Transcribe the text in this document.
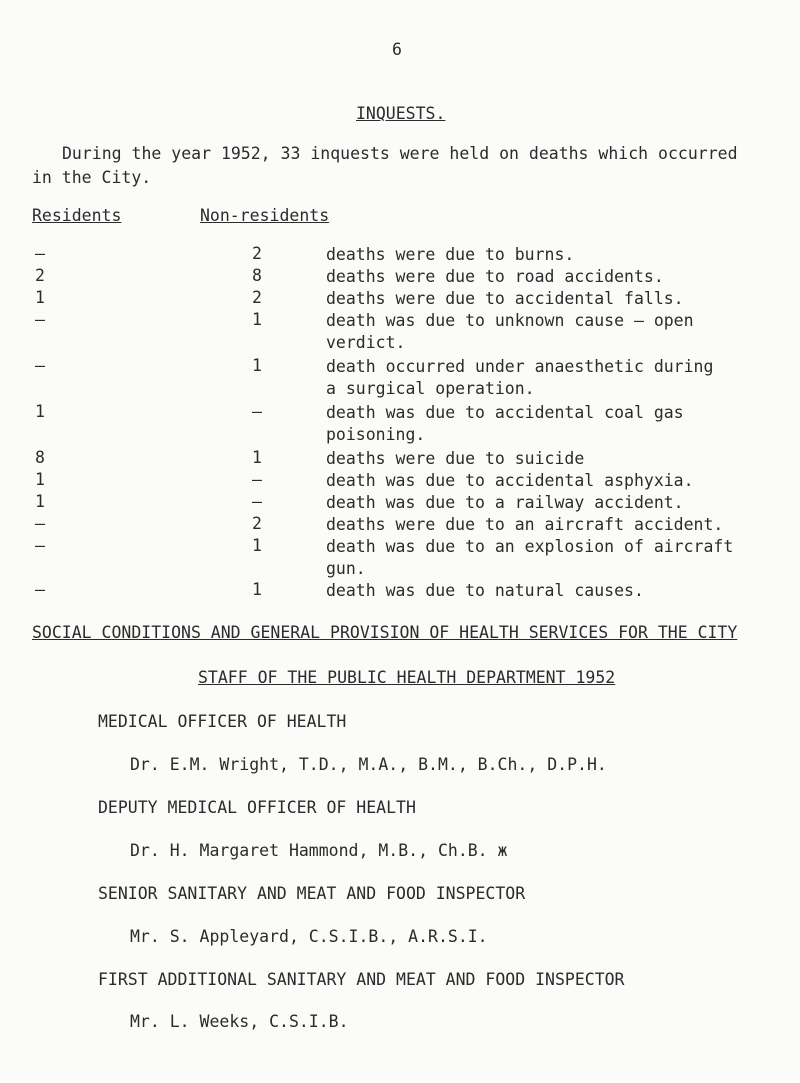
6
INQUESTS.
During the year 1952, 33 inquests were held on deaths which occurred
in the City.
Residents	Non-residents
–	2	deaths were due to burns.
2	8	deaths were due to road accidents.
1	2	deaths were due to accidental falls.
–	1	death was due to unknown cause – open
verdict.
–	1	death occurred under anaesthetic during
a surgical operation.
1	–	death was due to accidental coal gas
poisoning.
8	1	deaths were due to suicide
1	–	death was due to accidental asphyxia.
1	–	death was due to a railway accident.
–	2	deaths were due to an aircraft accident.
–	1	death was due to an explosion of aircraft
gun.
–	1	death was due to natural causes.
SOCIAL CONDITIONS AND GENERAL PROVISION OF HEALTH SERVICES FOR THE CITY
STAFF OF THE PUBLIC HEALTH DEPARTMENT 1952
MEDICAL OFFICER OF HEALTH
Dr. E.M. Wright, T.D., M.A., B.M., B.Ch., D.P.H.
DEPUTY MEDICAL OFFICER OF HEALTH
Dr. H. Margaret Hammond, M.B., Ch.B. ж
SENIOR SANITARY AND MEAT AND FOOD INSPECTOR
Mr. S. Appleyard, C.S.I.B., A.R.S.I.
FIRST ADDITIONAL SANITARY AND MEAT AND FOOD INSPECTOR
Mr. L. Weeks, C.S.I.B.
